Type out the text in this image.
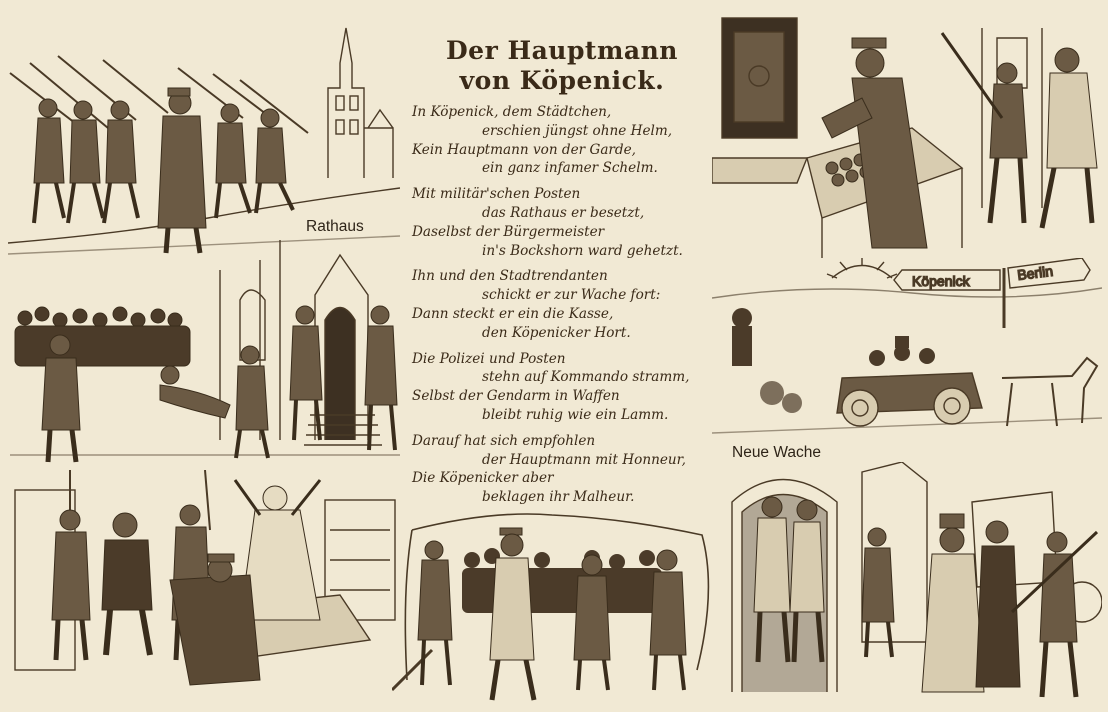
Rathaus
Der Hauptmann
von Köpenick.
In Köpenick, dem Städtchen,
erschien jüngst ohne Helm,
Kein Hauptmann von der Garde,
ein ganz infamer Schelm.
Mit militär'schen Posten
das Rathaus er besetzt,
Daselbst der Bürgermeister
in's Bockshorn ward gehetzt.
Ihn und den Stadtrendanten
schickt er zur Wache fort:
Dann steckt er ein die Kasse,
den Köpenicker Hort.
Die Polizei und Posten
stehn auf Kommando stramm,
Selbst der Gendarm in Waffen
bleibt ruhig wie ein Lamm.
Darauf hat sich empfohlen
der Hauptmann mit Honneur,
Die Köpenicker aber
beklagen ihr Malheur.
Köpenick	Berlin
Neue Wache
